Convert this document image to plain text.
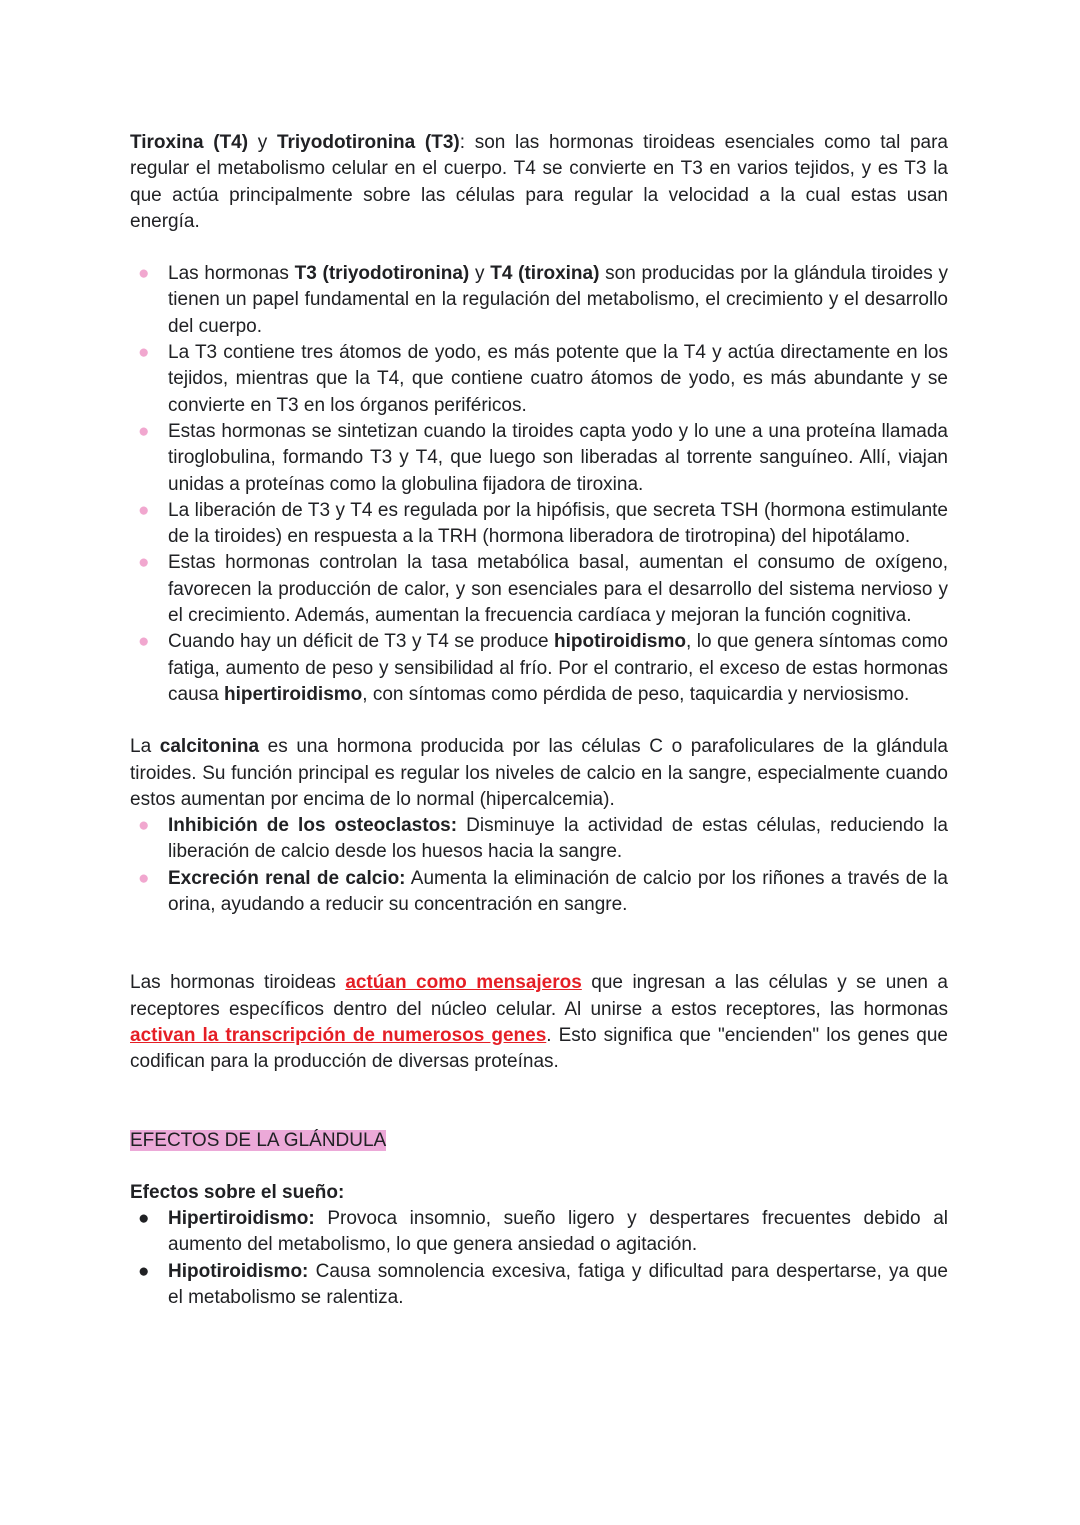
Tiroxina (T4) y Triyodotironina (T3): son las hormonas tiroideas esenciales como tal para regular el metabolismo celular en el cuerpo. T4 se convierte en T3 en varios tejidos, y es T3 la que actúa principalmente sobre las células para regular la velocidad a la cual estas usan energía.

● Las hormonas T3 (triyodotironina) y T4 (tiroxina) son producidas por la glándula tiroides y tienen un papel fundamental en la regulación del metabolismo, el crecimiento y el desarrollo del cuerpo.
● La T3 contiene tres átomos de yodo, es más potente que la T4 y actúa directamente en los tejidos, mientras que la T4, que contiene cuatro átomos de yodo, es más abundante y se convierte en T3 en los órganos periféricos.
● Estas hormonas se sintetizan cuando la tiroides capta yodo y lo une a una proteína llamada tiroglobulina, formando T3 y T4, que luego son liberadas al torrente sanguíneo. Allí, viajan unidas a proteínas como la globulina fijadora de tiroxina.
● La liberación de T3 y T4 es regulada por la hipófisis, que secreta TSH (hormona estimulante de la tiroides) en respuesta a la TRH (hormona liberadora de tirotropina) del hipotálamo.
● Estas hormonas controlan la tasa metabólica basal, aumentan el consumo de oxígeno, favorecen la producción de calor, y son esenciales para el desarrollo del sistema nervioso y el crecimiento. Además, aumentan la frecuencia cardíaca y mejoran la función cognitiva.
● Cuando hay un déficit de T3 y T4 se produce hipotiroidismo, lo que genera síntomas como fatiga, aumento de peso y sensibilidad al frío. Por el contrario, el exceso de estas hormonas causa hipertiroidismo, con síntomas como pérdida de peso, taquicardia y nerviosismo.

La calcitonina es una hormona producida por las células C o parafoliculares de la glándula tiroides. Su función principal es regular los niveles de calcio en la sangre, especialmente cuando estos aumentan por encima de lo normal (hipercalcemia).

● Inhibición de los osteoclastos: Disminuye la actividad de estas células, reduciendo la liberación de calcio desde los huesos hacia la sangre.
● Excreción renal de calcio: Aumenta la eliminación de calcio por los riñones a través de la orina, ayudando a reducir su concentración en sangre.

Las hormonas tiroideas actúan como mensajeros que ingresan a las células y se unen a receptores específicos dentro del núcleo celular. Al unirse a estos receptores, las hormonas activan la transcripción de numerosos genes. Esto significa que "encienden" los genes que codifican para la producción de diversas proteínas.

EFECTOS DE LA GLÁNDULA

Efectos sobre el sueño:

● Hipertiroidismo: Provoca insomnio, sueño ligero y despertares frecuentes debido al aumento del metabolismo, lo que genera ansiedad o agitación.
● Hipotiroidismo: Causa somnolencia excesiva, fatiga y dificultad para despertarse, ya que el metabolismo se ralentiza.
